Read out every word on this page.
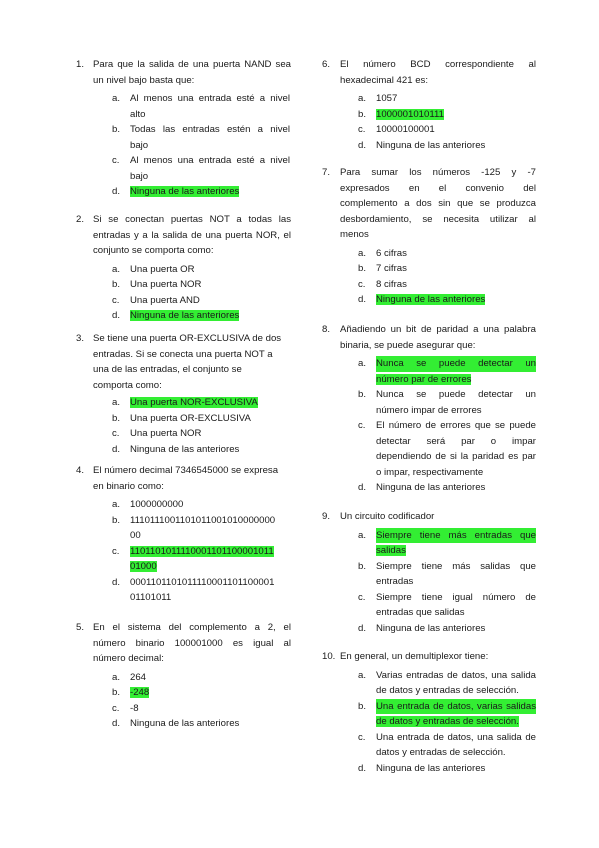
1. Para que la salida de una puerta NAND sea
un nivel bajo basta que:
a. Al menos una entrada esté a nivel
alto
b. Todas las entradas estén a nivel
bajo
c. Al menos una entrada esté a nivel
bajo
d. Ninguna de las anteriores
2. Si se conectan puertas NOT a todas las
entradas y a la salida de una puerta NOR, el
conjunto se comporta como:
a. Una puerta OR
b. Una puerta NOR
c. Una puerta AND
d. Ninguna de las anteriores
3. Se tiene una puerta OR-EXCLUSIVA de dos
entradas. Si se conecta una puerta NOT a
una de las entradas, el conjunto se
comporta como:
a. Una puerta NOR-EXCLUSIVA
b. Una puerta OR-EXCLUSIVA
c. Una puerta NOR
d. Ninguna de las anteriores
4. El número decimal 7346545000 se expresa
en binario como:
a. 1000000000
b. 1110111001101011001010000000
00
c. 1101101011110001101100001011
01000
d. 0001101101011110001101100001
01101011
5. En el sistema del complemento a 2, el
número binario 100001000 es igual al
número decimal:
a. 264
b. -248
c. -8
d. Ninguna de las anteriores
6. El número BCD correspondiente al
hexadecimal 421 es:
a. 1057
b. 1000001010111
c. 10000100001
d. Ninguna de las anteriores
7. Para sumar los números -125 y -7
expresados en el convenio del
complemento a dos sin que se produzca
desbordamiento, se necesita utilizar al
menos
a. 6 cifras
b. 7 cifras
c. 8 cifras
d. Ninguna de las anteriores
8. Añadiendo un bit de paridad a una palabra
binaria, se puede asegurar que:
a. Nunca se puede detectar un
número par de errores
b. Nunca se puede detectar un
número impar de errores
c. El número de errores que se puede
detectar será par o impar
dependiendo de si la paridad es par
o impar, respectivamente
d. Ninguna de las anteriores
9. Un circuito codificador
a. Siempre tiene más entradas que
salidas
b. Siempre tiene más salidas que
entradas
c. Siempre tiene igual número de
entradas que salidas
d. Ninguna de las anteriores
10. En general, un demultiplexor tiene:
a. Varias entradas de datos, una salida
de datos y entradas de selección.
b. Una entrada de datos, varias salidas
de datos y entradas de selección.
c. Una entrada de datos, una salida de
datos y entradas de selección.
d. Ninguna de las anteriores
